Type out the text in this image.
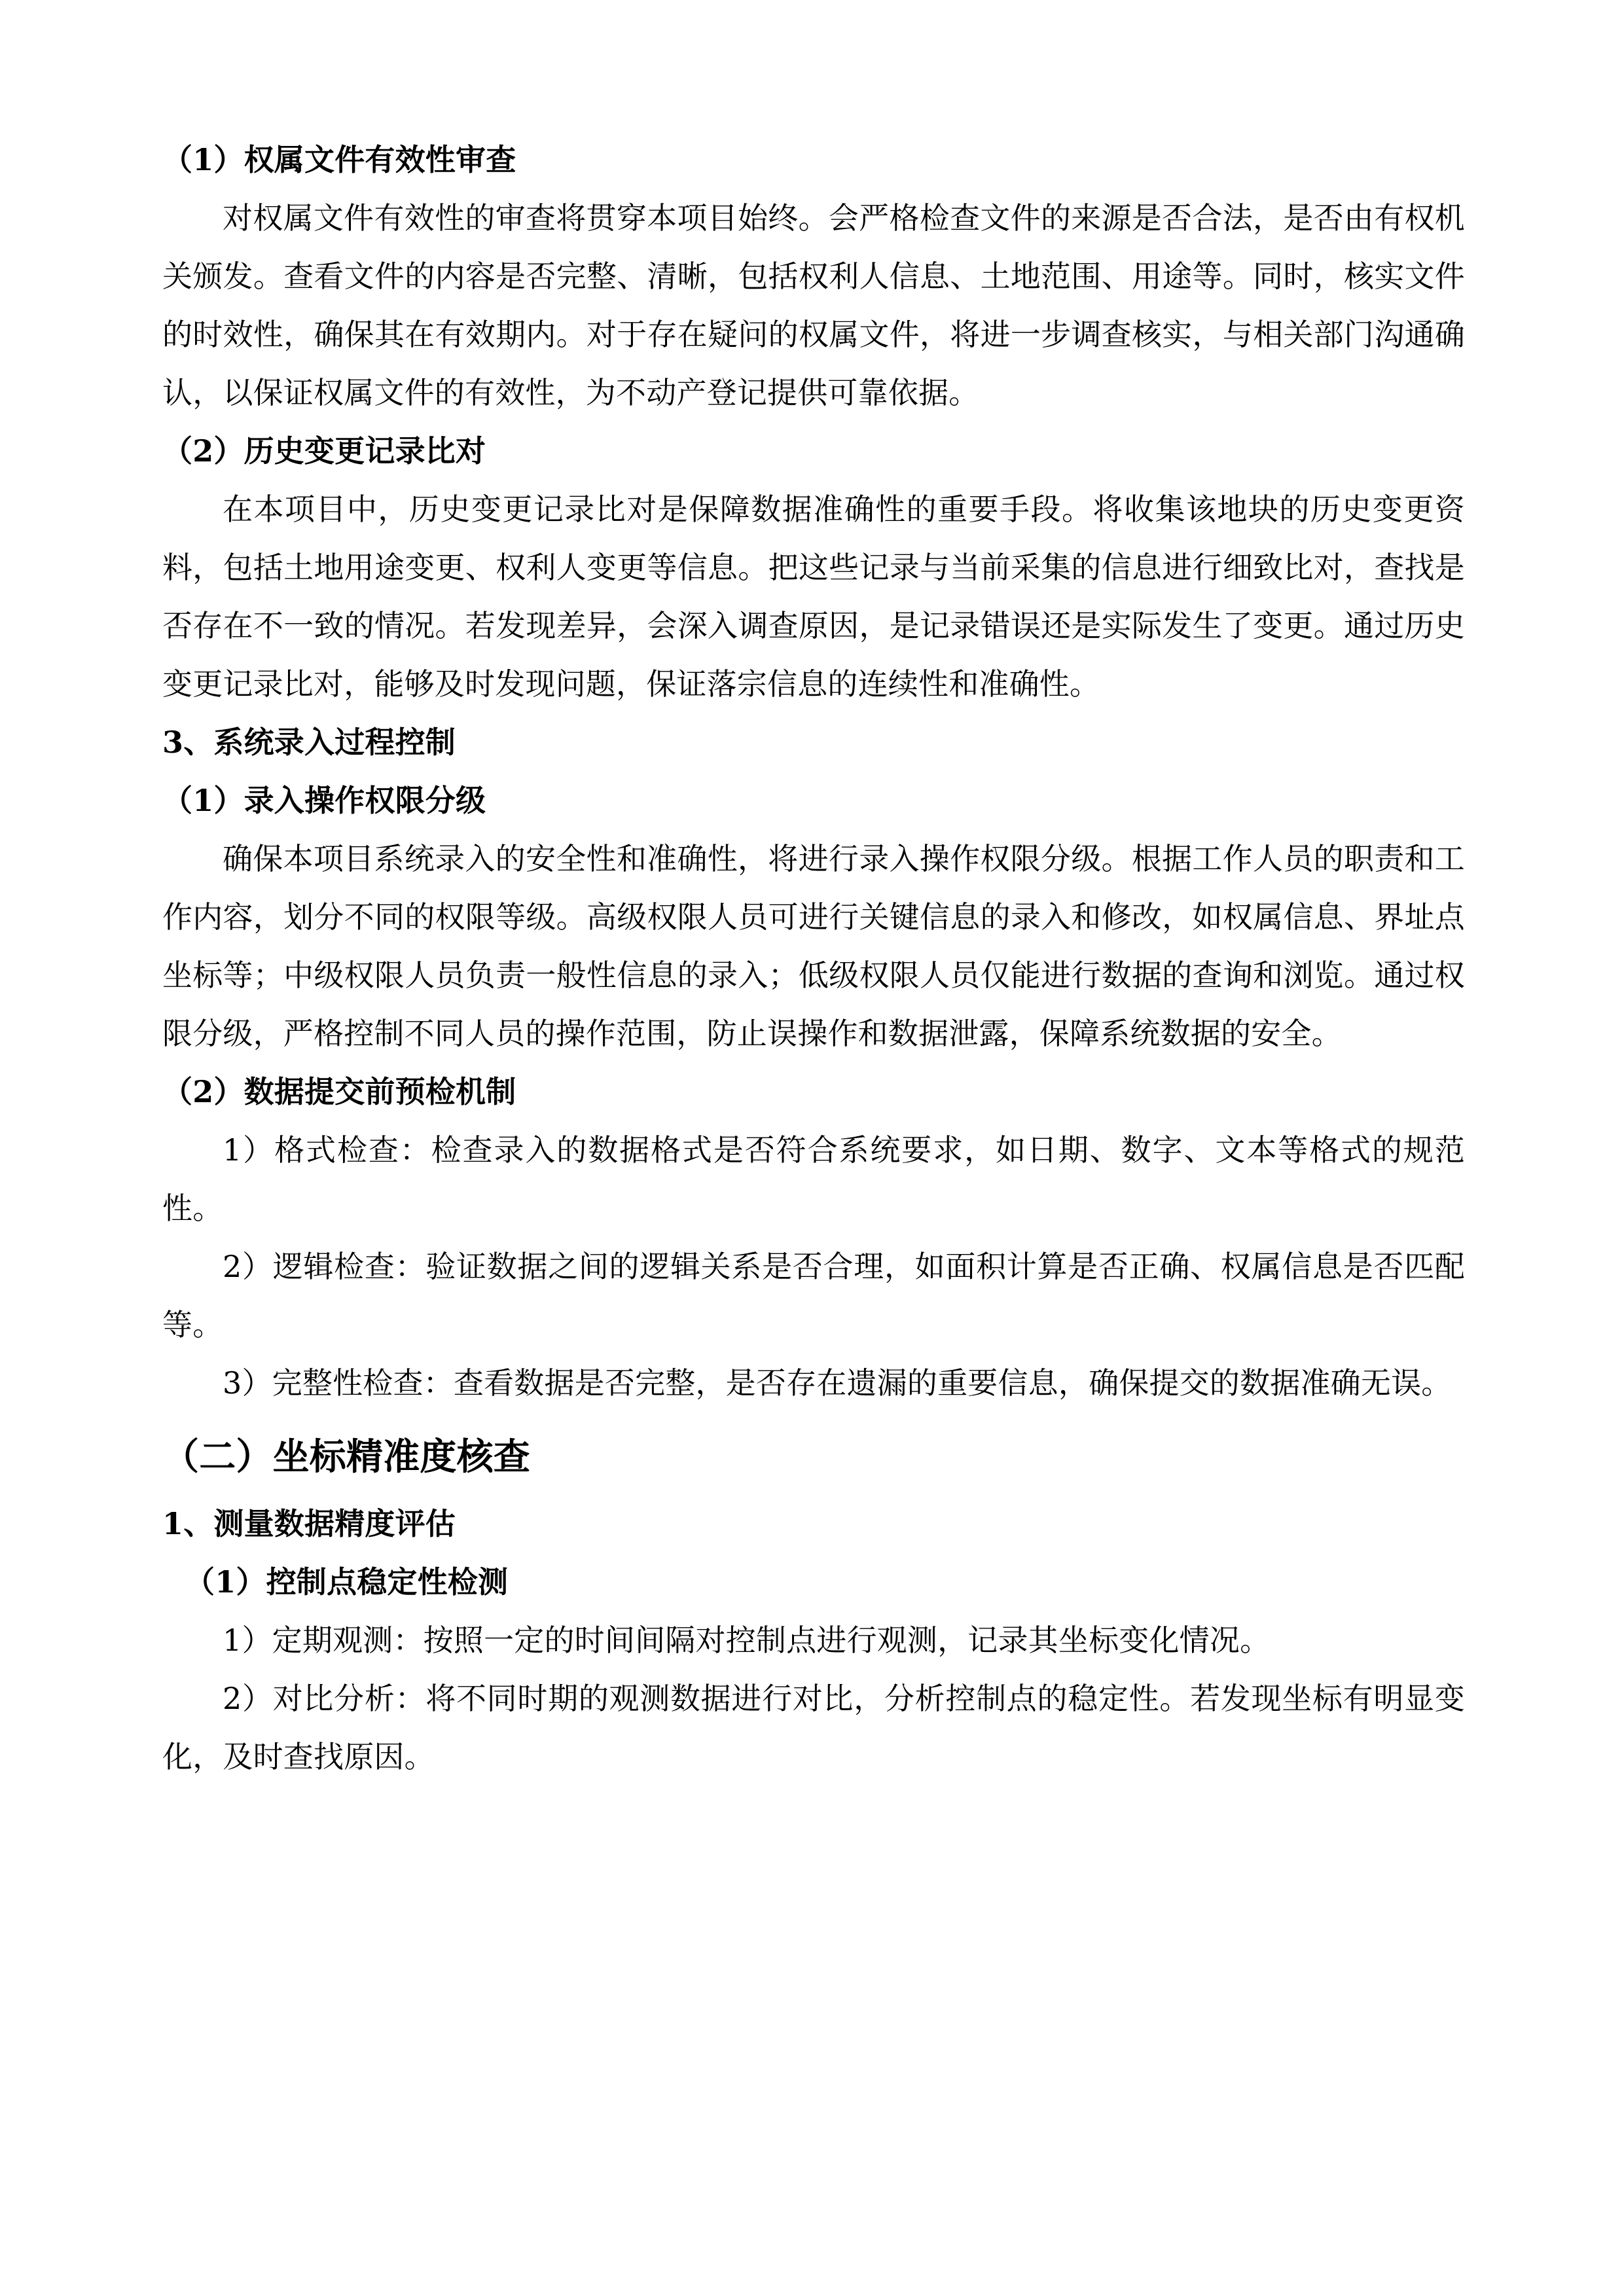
（1）权属文件有效性审查

对权属文件有效性的审查将贯穿本项目始终。会严格检查文件的来源是否合法，是否由有权机关颁发。查看文件的内容是否完整、清晰，包括权利人信息、土地范围、用途等。同时，核实文件的时效性，确保其在有效期内。对于存在疑问的权属文件，将进一步调查核实，与相关部门沟通确认，以保证权属文件的有效性，为不动产登记提供可靠依据。

（2）历史变更记录比对

在本项目中，历史变更记录比对是保障数据准确性的重要手段。将收集该地块的历史变更资料，包括土地用途变更、权利人变更等信息。把这些记录与当前采集的信息进行细致比对，查找是否存在不一致的情况。若发现差异，会深入调查原因，是记录错误还是实际发生了变更。通过历史变更记录比对，能够及时发现问题，保证落宗信息的连续性和准确性。

3、系统录入过程控制
（1）录入操作权限分级

确保本项目系统录入的安全性和准确性，将进行录入操作权限分级。根据工作人员的职责和工作内容，划分不同的权限等级。高级权限人员可进行关键信息的录入和修改，如权属信息、界址点坐标等；中级权限人员负责一般性信息的录入；低级权限人员仅能进行数据的查询和浏览。通过权限分级，严格控制不同人员的操作范围，防止误操作和数据泄露，保障系统数据的安全。

（2）数据提交前预检机制

1）格式检查：检查录入的数据格式是否符合系统要求，如日期、数字、文本等格式的规范性。

2）逻辑检查：验证数据之间的逻辑关系是否合理，如面积计算是否正确、权属信息是否匹配等。

3）完整性检查：查看数据是否完整，是否存在遗漏的重要信息，确保提交的数据准确无误。

（二）坐标精准度核查
1、测量数据精度评估
（1）控制点稳定性检测

1）定期观测：按照一定的时间间隔对控制点进行观测，记录其坐标变化情况。

2）对比分析：将不同时期的观测数据进行对比，分析控制点的稳定性。若发现坐标有明显变化，及时查找原因。
